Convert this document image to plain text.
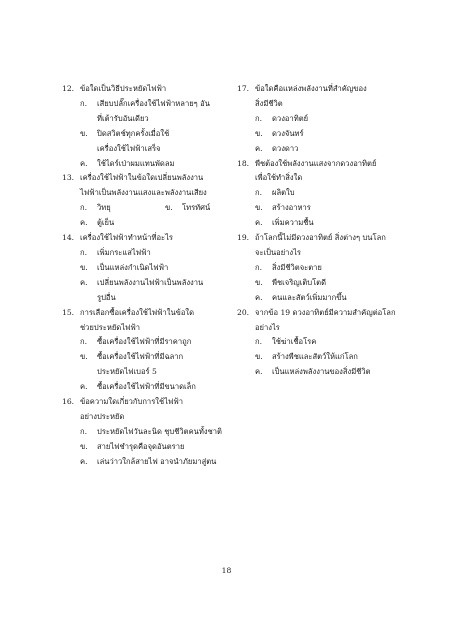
12. ข้อใดเป็นวิธีประหยัดไฟฟ้า
ก. เสียบปลั๊กเครื่องใช้ไฟฟ้าหลายๆ อัน
ที่เต้ารับอันเดียว
ข. ปิดสวิตช์ทุกครั้งเมื่อใช้
เครื่องใช้ไฟฟ้าเสร็จ
ค. ใช้ไดร์เป่าผมแทนพัดลม
13. เครื่องใช้ไฟฟ้าในข้อใดเปลี่ยนพลังงาน
ไฟฟ้าเป็นพลังงานแสงและพลังงานเสียง
ก. วิทยุ	ข. โทรทัศน์
ค. ตู้เย็น
14. เครื่องใช้ไฟฟ้าทำหน้าที่อะไร
ก. เพิ่มกระแสไฟฟ้า
ข. เป็นแหล่งกำเนิดไฟฟ้า
ค. เปลี่ยนพลังงานไฟฟ้าเป็นพลังงาน
รูปอื่น
15. การเลือกซื้อเครื่องใช้ไฟฟ้าในข้อใด
ช่วยประหยัดไฟฟ้า
ก. ซื้อเครื่องใช้ไฟฟ้าที่มีราคาถูก
ข. ซื้อเครื่องใช้ไฟฟ้าที่มีฉลาก
ประหยัดไฟเบอร์ 5
ค. ซื้อเครื่องใช้ไฟฟ้าที่มีขนาดเล็ก
16. ข้อความใดเกี่ยวกับการใช้ไฟฟ้า
อย่างประหยัด
ก. ประหยัดไฟวันละนิด ชุบชีวิตคนทั้งชาติ
ข. สายไฟชำรุดคือจุดอันตราย
ค. เล่นว่าวใกล้สายไฟ อาจนำภัยมาสู่ตน
17. ข้อใดคือแหล่งพลังงานที่สำคัญของ
สิ่งมีชีวิต
ก. ดวงอาทิตย์
ข. ดวงจันทร์
ค. ดวงดาว
18. พืชต้องใช้พลังงานแสงจากดวงอาทิตย์
เพื่อใช้ทำสิ่งใด
ก. ผลิตใบ
ข. สร้างอาหาร
ค. เพิ่มความชื้น
19. ถ้าโลกนี้ไม่มีดวงอาทิตย์ สิ่งต่างๆ บนโลก
จะเป็นอย่างไร
ก. สิ่งมีชีวิตจะตาย
ข. พืชเจริญเติบโตดี
ค. คนและสัตว์เพิ่มมากขึ้น
20. จากข้อ 19 ดวงอาทิตย์มีความสำคัญต่อโลก
อย่างไร
ก. ใช้ฆ่าเชื้อโรค
ข. สร้างพืชและสัตว์ให้แก่โลก
ค. เป็นแหล่งพลังงานของสิ่งมีชีวิต
18
